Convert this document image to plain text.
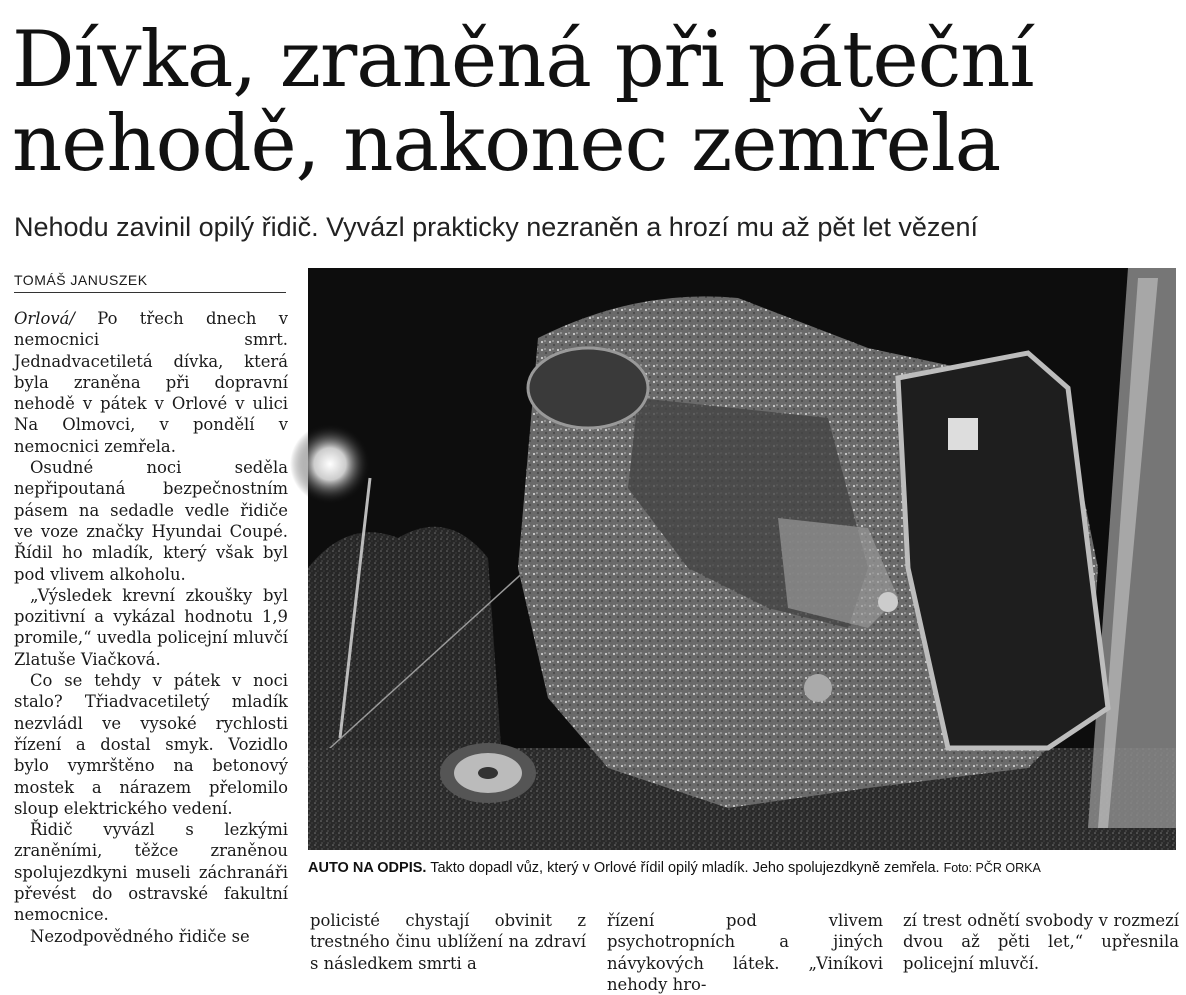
Dívka, zraněná při páteční
nehodě, nakonec zemřela
Nehodu zavinil opilý řidič. Vyvázl prakticky nezraněn a hrozí mu až pět let vězení
TOMÁŠ JANUSZEK

Orlová/ Po třech dnech v nemocnici smrt. Jednadvacetiletá dívka, která byla zraněna při dopravní nehodě v pátek v Orlové v ulici Na Olmovci, v pondělí v nemocnici zemřela.

Osudné noci seděla nepřipoutaná bezpečnostním pásem na sedadle vedle řidiče ve voze značky Hyundai Coupé. Řídil ho mladík, který však byl pod vlivem alkoholu.

„Výsledek krevní zkoušky byl pozitivní a vykázal hodnotu 1,9 promile,“ uvedla policejní mluvčí Zlatuše Viačková.

Co se tehdy v pátek v noci stalo? Třiadvacetiletý mladík nezvládl ve vysoké rychlosti řízení a dostal smyk. Vozidlo bylo vymrštěno na betonový mostek a nárazem přelomilo sloup elektrického vedení.

Řidič vyvázl s lezkými zraněními, těžce zraněnou spolujezdkyni museli záchranáři převést do ostravské fakultní nemocnice.

Nezodpovědného řidiče se

AUTO NA ODPIS. Takto dopadl vůz, který v Orlové řídil opilý mladík. Jeho spolujezdkyně zemřela. Foto: PČR ORKA
policisté chystají obvinit z trestného činu ublížení na zdraví s následkem smrti a
řízení pod vlivem psychotropních a jiných návykových látek. „Viníkovi nehody hro-
zí trest odnětí svobody v rozmezí dvou až pěti let,“ upřesnila policejní mluvčí.
